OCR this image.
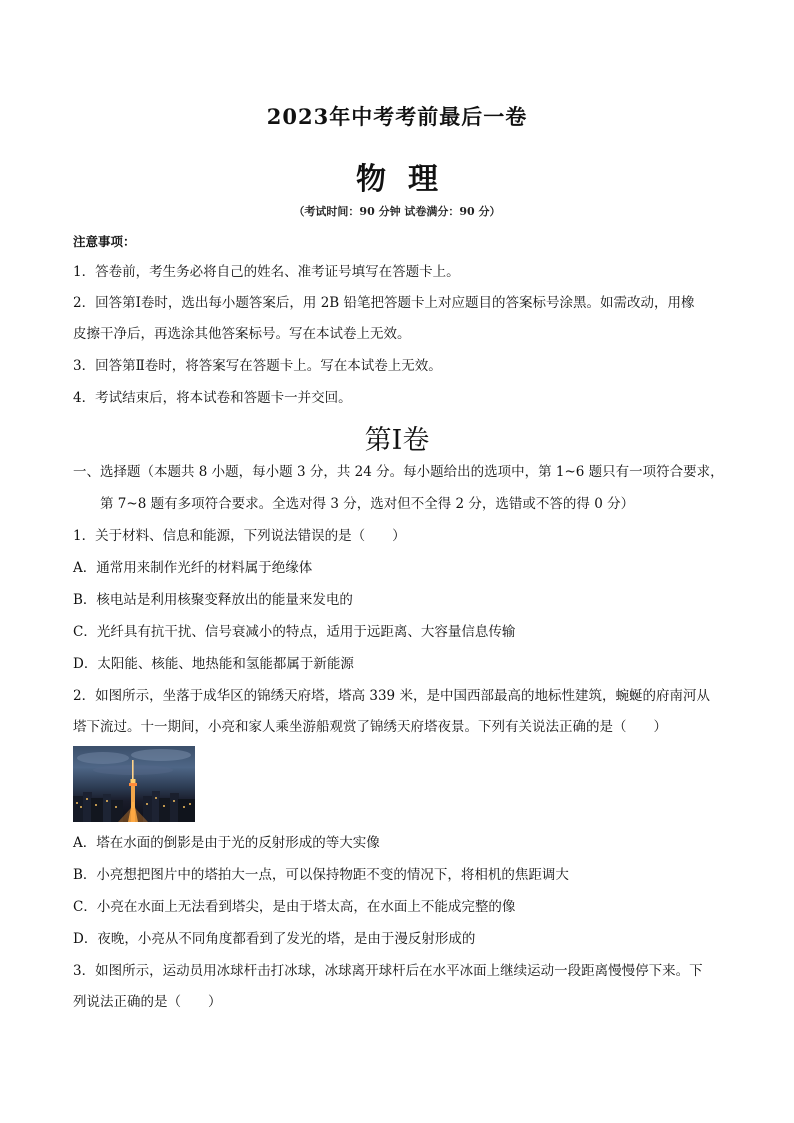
2023年中考考前最后一卷
物理
（考试时间：90 分钟 试卷满分：90 分）
注意事项：
1．答卷前，考生务必将自己的姓名、准考证号填写在答题卡上。
2．回答第Ⅰ卷时，选出每小题答案后，用 2B 铅笔把答题卡上对应题目的答案标号涂黑。如需改动，用橡
皮擦干净后，再选涂其他答案标号。写在本试卷上无效。
3．回答第Ⅱ卷时，将答案写在答题卡上。写在本试卷上无效。
4．考试结束后，将本试卷和答题卡一并交回。
第Ⅰ卷
一、选择题（本题共 8 小题，每小题 3 分，共 24 分。每小题给出的选项中，第 1~6 题只有一项符合要求，
第 7~8 题有多项符合要求。全选对得 3 分，选对但不全得 2 分，选错或不答的得 0 分）
1．关于材料、信息和能源，下列说法错误的是（　　）
A．通常用来制作光纤的材料属于绝缘体
B．核电站是利用核聚变释放出的能量来发电的
C．光纤具有抗干扰、信号衰减小的特点，适用于远距离、大容量信息传输
D．太阳能、核能、地热能和氢能都属于新能源
2．如图所示，坐落于成华区的锦绣天府塔，塔高 339 米，是中国西部最高的地标性建筑，蜿蜒的府南河从
塔下流过。十一期间，小亮和家人乘坐游船观赏了锦绣天府塔夜景。下列有关说法正确的是（　　）
A．塔在水面的倒影是由于光的反射形成的等大实像
B．小亮想把图片中的塔拍大一点，可以保持物距不变的情况下，将相机的焦距调大
C．小亮在水面上无法看到塔尖，是由于塔太高，在水面上不能成完整的像
D．夜晚，小亮从不同角度都看到了发光的塔，是由于漫反射形成的
3．如图所示，运动员用冰球杆击打冰球，冰球离开球杆后在水平冰面上继续运动一段距离慢慢停下来。下
列说法正确的是（　　）
